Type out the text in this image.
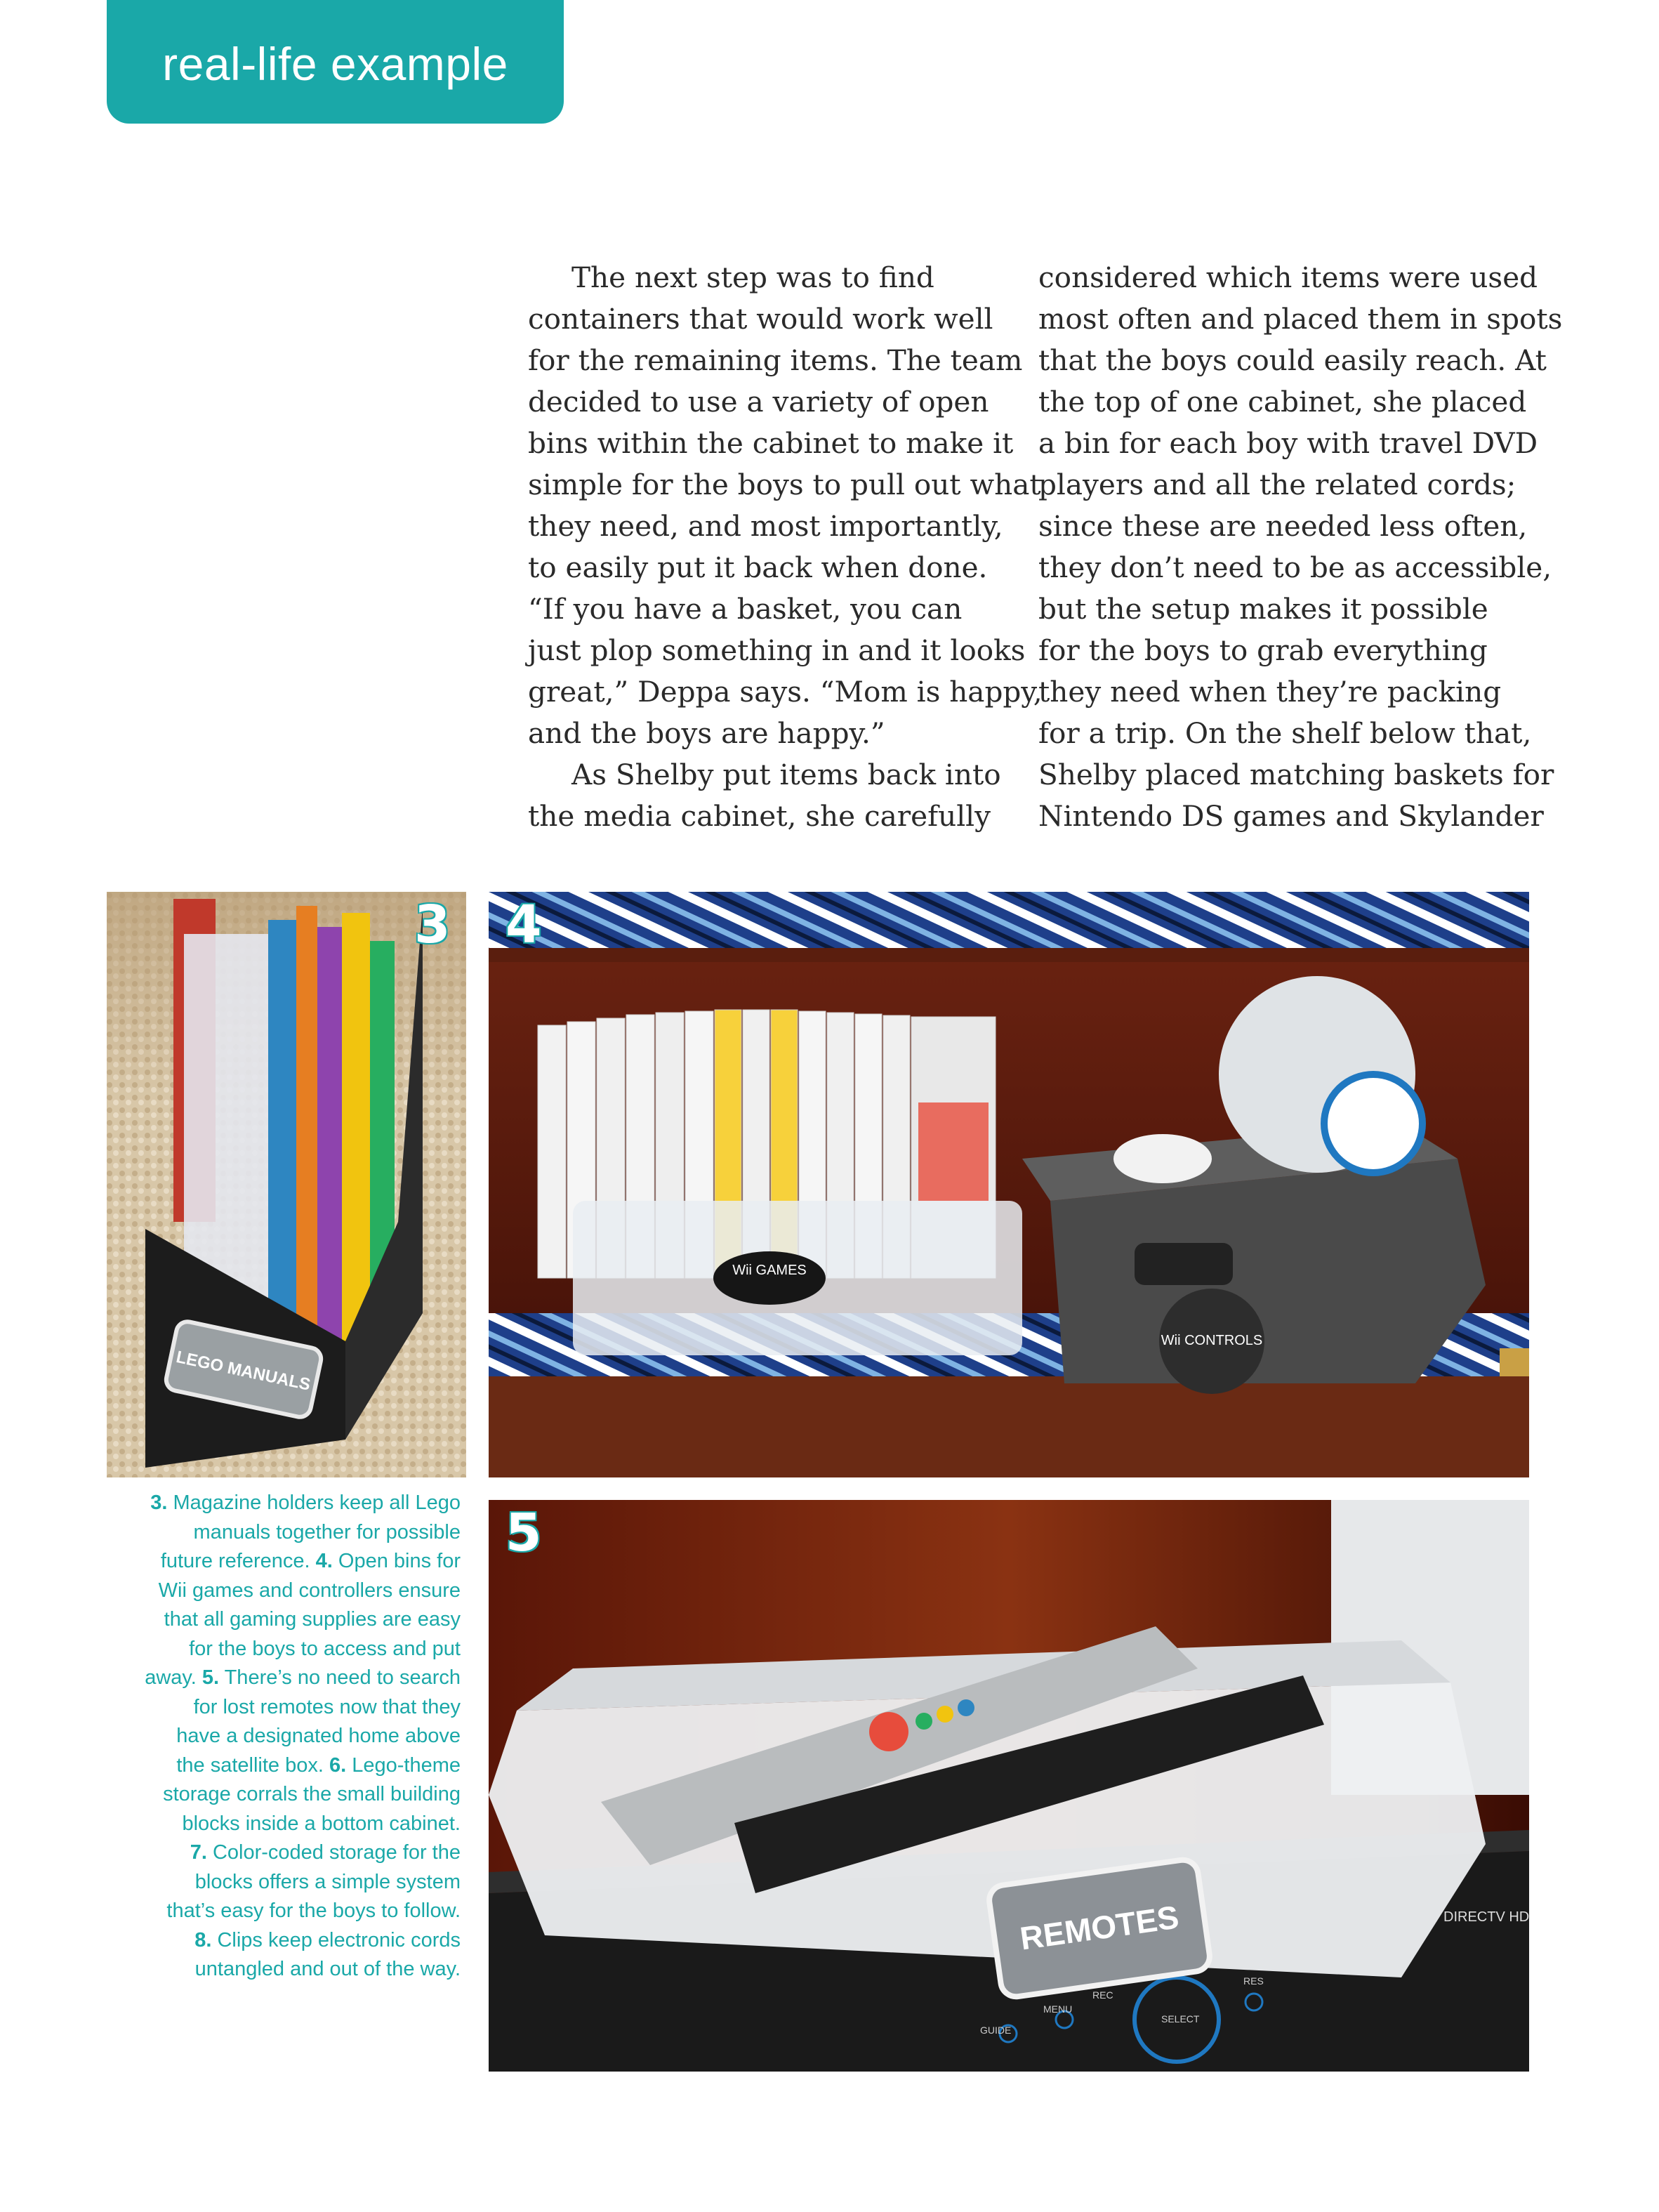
real-life example

The next step was to find

containers that would work well

for the remaining items. The team

decided to use a variety of open

bins within the cabinet to make it

simple for the boys to pull out what

they need, and most importantly,

to easily put it back when done.

“If you have a basket, you can

just plop something in and it looks

great,” Deppa says. “Mom is happy,

and the boys are happy.”

As Shelby put items back into

the media cabinet, she carefully

considered which items were used

most often and placed them in spots

that the boys could easily reach. At

the top of one cabinet, she placed

a bin for each boy with travel DVD

players and all the related cords;

since these are needed less often,

they don’t need to be as accessible,

but the setup makes it possible

for the boys to grab everything

they need when they’re packing

for a trip. On the shelf below that,

Shelby placed matching baskets for

Nintendo DS games and Skylander

LEGO MANUALS
3
Wii GAMES
Wii CONTROLS
4
3. Magazine holders keep all Lego
manuals together for possible
future reference. 4. Open bins for
Wii games and controllers ensure
that all gaming supplies are easy
for the boys to access and put
away. 5. There’s no need to search
for lost remotes now that they
have a designated home above
the satellite box. 6. Lego-theme
storage corrals the small building
blocks inside a bottom cabinet.
7. Color-coded storage for the
blocks offers a simple system
that’s easy for the boys to follow.
8. Clips keep electronic cords
untangled and out of the way.
GUIDE
MENU
REC
SELECT
RES
DIRECTV HD
REMOTES
5
